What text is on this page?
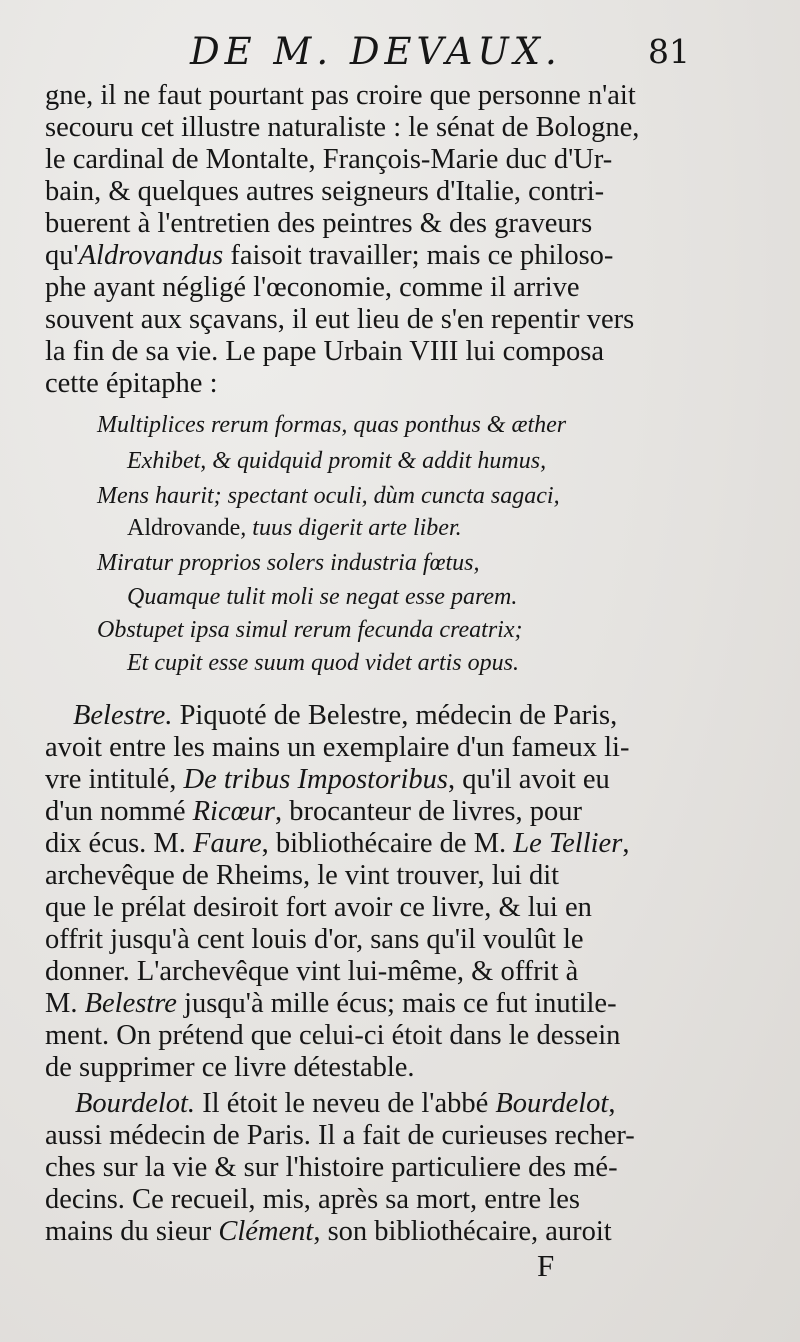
DE M. DEVAUX.	81
gne, il ne faut pourtant pas croire que personne n'ait
secouru cet illustre naturaliste : le sénat de Bologne,
le cardinal de Montalte, François-Marie duc d'Ur-
bain, & quelques autres seigneurs d'Italie, contri-
buerent à l'entretien des peintres & des graveurs
qu'Aldrovandus faisoit travailler; mais ce philoso-
phe ayant négligé l'œconomie, comme il arrive
souvent aux sçavans, il eut lieu de s'en repentir vers
la fin de sa vie. Le pape Urbain VIII lui composa
cette épitaphe :
Multiplices rerum formas, quas ponthus & æther
Exhibet, & quidquid promit & addit humus,
Mens haurit; spectant oculi, dùm cuncta sagaci,
Aldrovande, tuus digerit arte liber.
Miratur proprios solers industria fœtus,
Quamque tulit moli se negat esse parem.
Obstupet ipsa simul rerum fecunda creatrix;
Et cupit esse suum quod videt artis opus.
Belestre. Piquoté de Belestre, médecin de Paris,
avoit entre les mains un exemplaire d'un fameux li-
vre intitulé, De tribus Impostoribus, qu'il avoit eu
d'un nommé Ricœur, brocanteur de livres, pour
dix écus. M. Faure, bibliothécaire de M. Le Tellier,
archevêque de Rheims, le vint trouver, lui dit
que le prélat desiroit fort avoir ce livre, & lui en
offrit jusqu'à cent louis d'or, sans qu'il voulût le
donner. L'archevêque vint lui-même, & offrit à
M. Belestre jusqu'à mille écus; mais ce fut inutile-
ment. On prétend que celui-ci étoit dans le dessein
de supprimer ce livre détestable.
Bourdelot. Il étoit le neveu de l'abbé Bourdelot,
aussi médecin de Paris. Il a fait de curieuses recher-
ches sur la vie & sur l'histoire particuliere des mé-
decins. Ce recueil, mis, après sa mort, entre les
mains du sieur Clément, son bibliothécaire, auroit
F
